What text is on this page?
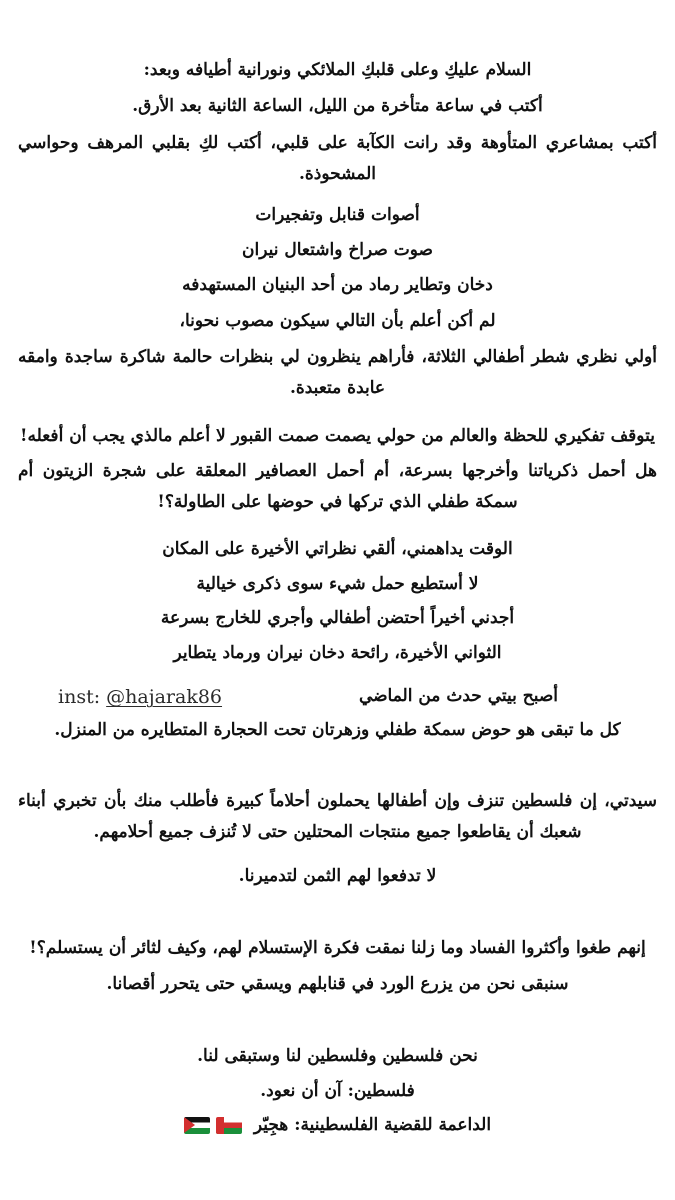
السلام عليكِ وعلى قلبكِ الملائكي ونورانية أطيافه وبعد:
أكتب في ساعة متأخرة من الليل، الساعة الثانية بعد الأرق.
أكتب بمشاعري المتأوهة وقد رانت الكآبة على قلبي، أكتب لكِ بقلبي المرهف وحواسي المشحوذة.
أصوات قنابل وتفجيرات
صوت صراخ واشتعال نيران
دخان وتطاير رماد من أحد البنيان المستهدفه
لم أكن أعلم بأن التالي سيكون مصوب نحونا،
أولي نظري شطر أطفالي الثلاثة، فأراهم ينظرون لي بنظرات حالمة شاكرة ساجدة وامقه عابدة متعبدة.
يتوقف تفكيري للحظة والعالم من حولي يصمت صمت القبور لا أعلم مالذي يجب أن أفعله!
هل أحمل ذكرياتنا وأخرجها بسرعة، أم أحمل العصافير المعلقة على شجرة الزيتون أم سمكة طفلي الذي تركها في حوضها على الطاولة؟!
الوقت يداهمني، ألقي نظراتي الأخيرة على المكان
لا أستطيع حمل شيء سوى ذكرى خيالية
أجدني أخيراً أحتضن أطفالي وأجري للخارج بسرعة
الثواني الأخيرة، رائحة دخان نيران ورماد يتطاير
أصبح بيتي حدث من الماضي
كل ما تبقى هو حوض سمكة طفلي وزهرتان تحت الحجارة المتطايره من المنزل.
سيدتي، إن فلسطين تنزف وإن أطفالها يحملون أحلاماً كبيرة فأطلب منك بأن تخبري أبناء شعبك أن يقاطعوا جميع منتجات المحتلين حتى لا تُنزف جميع أحلامهم.
لا تدفعوا لهم الثمن لتدميرنا.
إنهم طغوا وأكثروا الفساد وما زلنا نمقت فكرة الإستسلام لهم، وكيف لثائر أن يستسلم؟!
سنبقى نحن من يزرع الورد في قنابلهم ويسقي حتى يتحرر أقصانا.
نحن فلسطين وفلسطين لنا وستبقى لنا.
فلسطين: آن أن نعود.
الداعمة للقضية الفلسطينية: هجِيّر
inst: @hajarak86
